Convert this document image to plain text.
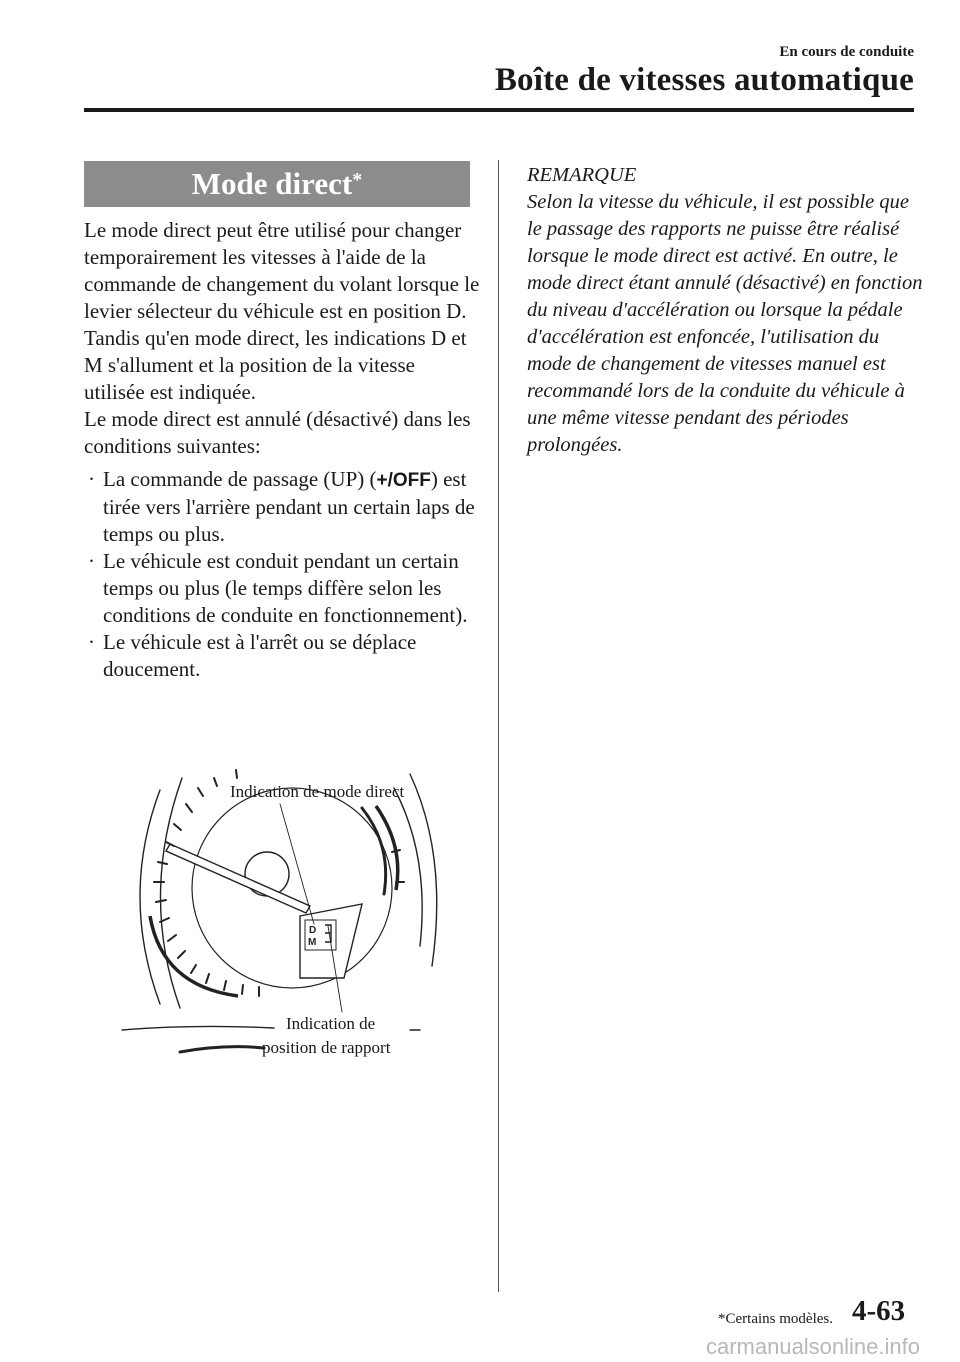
En cours de conduite
Boîte de vitesses automatique
Mode direct*

Le mode direct peut être utilisé pour changer temporairement les vitesses à l'aide de la commande de changement du volant lorsque le levier sélecteur du véhicule est en position D.

Tandis qu'en mode direct, les indications D et M s'allument et la position de la vitesse utilisée est indiquée.

Le mode direct est annulé (désactivé) dans les conditions suivantes:

· La commande de passage (UP) (+/OFF) est tirée vers l'arrière pendant un certain laps de temps ou plus.
· Le véhicule est conduit pendant un certain temps ou plus (le temps diffère selon les conditions de conduite en fonctionnement).
· Le véhicule est à l'arrêt ou se déplace doucement.
D
M
Indication de mode direct
Indication de
position de rapport

REMARQUE

Selon la vitesse du véhicule, il est possible que le passage des rapports ne puisse être réalisé lorsque le mode direct est activé. En outre, le mode direct étant annulé (désactivé) en fonction du niveau d'accélération ou lorsque la pédale d'accélération est enfoncée, l'utilisation du mode de changement de vitesses manuel est recommandé lors de la conduite du véhicule à une même vitesse pendant des périodes prolongées.

*Certains modèles. 4-63
carmanualsonline.info
